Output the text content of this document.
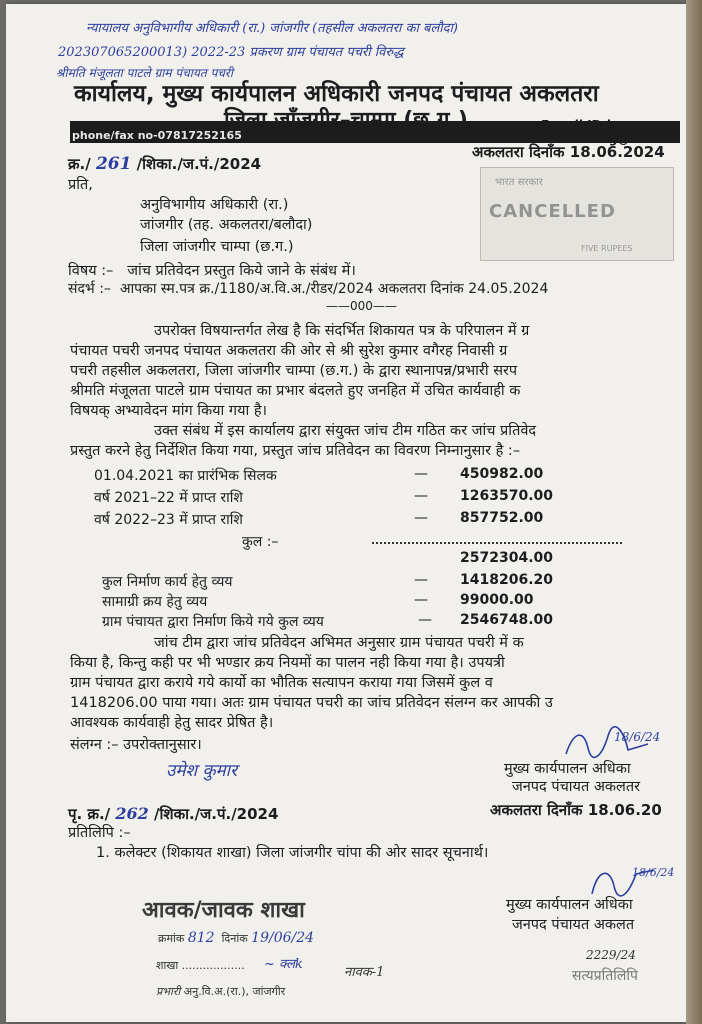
न्यायालय अनुविभागीय अधिकारी (रा.) जांजगीर (तहसील अकलतरा का बलौदा)
202307065200013) 2022-23 प्रकरण ग्राम पंचायत पचरी विरुद्ध
श्रीमति मंजूलता पाटले ग्राम पंचायत पचरी
कार्यालय, मुख्य कार्यपालन अधिकारी जनपद पंचायत अकलतरा
phone/fax no-07817252165
E-mail ID-jp-akaltara.cg@nic.i
क्र./ 261 /शिका./ज.पं./2024
अकलतरा दिनाँक 18.06.2024
प्रति,
अनुविभागीय अधिकारी (रा.)
जांजगीर (तह. अकलतरा/बलौदा)
जिला जांजगीर चाम्पा (छ.ग.)
भारत सरकार
CANCELLED
FIVE RUPEES
विषय :– जांच प्रतिवेदन प्रस्तुत किये जाने के संबंध में।
संदर्भ :– आपका स्म.पत्र क्र./1180/अ.वि.अ./रीडर/2024 अकलतरा दिनांक 24.05.2024
——000——
उपरोक्त विषयान्तर्गत लेख है कि संदर्भित शिकायत पत्र के परिपालन में ग्र
पंचायत पचरी जनपद पंचायत अकलतरा की ओर से श्री सुरेश कुमार वगैरह निवासी ग्र
पचरी तहसील अकलतरा, जिला जांजगीर चाम्पा (छ.ग.) के द्वारा स्थानापन्न/प्रभारी सरप
श्रीमति मंजूलता पाटले ग्राम पंचायत का प्रभार बंदलते हुए जनहित में उचित कार्यवाही क
विषयक् अभ्यावेदन मांग किया गया है।
उक्त संबंध में इस कार्यालय द्वारा संयुक्त जांच टीम गठित कर जांच प्रतिवेद
प्रस्तुत करने हेतु निर्देशित किया गया, प्रस्तुत जांच प्रतिवेदन का विवरण निम्नानुसार है :–
01.04.2021 का प्रारंभिक सिलक	— 450982.00
वर्ष 2021–22 में प्राप्त राशि	— 1263570.00
वर्ष 2022–23 में प्राप्त राशि	— 857752.00
कुल :–
2572304.00
कुल निर्माण कार्य हेतु व्यय	— 1418206.20
सामाग्री क्रय हेतु व्यय	— 99000.00
ग्राम पंचायत द्वारा निर्माण किये गये कुल व्यय	— 2546748.00
जांच टीम द्वारा जांच प्रतिवेदन अभिमत अनुसार ग्राम पंचायत पचरी में क
किया है, किन्तु कही पर भी भण्डार क्रय नियमों का पालन नही किया गया है। उपयत्री
ग्राम पंचायत द्वारा कराये गये कार्यो का भौतिक सत्यापन कराया गया जिसमें कुल व
1418206.00 पाया गया। अतः ग्राम पंचायत पचरी का जांच प्रतिवेदन संलग्न कर आपकी उ
आवश्यक कार्यवाही हेतु सादर प्रेषित है।
संलग्न :– उपरोक्तानुसार।
उमेश कुमार
18/6/24
मुख्य कार्यपालन अधिका
जनपद पंचायत अकलतर
पृ. क्र./ 262 /शिका./ज.पं./2024	अकलतरा दिनाँक 18.06.20
प्रतिलिपि :–
1. कलेक्टर (शिकायत शाखा) जिला जांजगीर चांपा की ओर सादर सूचनार्थ।
18/6/24
मुख्य कार्यपालन अधिका
जनपद पंचायत अकलत
आवक/जावक शाखा
क्रमांक 812 दिनांक 19/06/24
शाखा ..................
प्रभारी अनु.वि.अ.(रा.), जांजगीर
~ क्लk
नावक-1
2229/24
सत्यप्रतिलिपि
